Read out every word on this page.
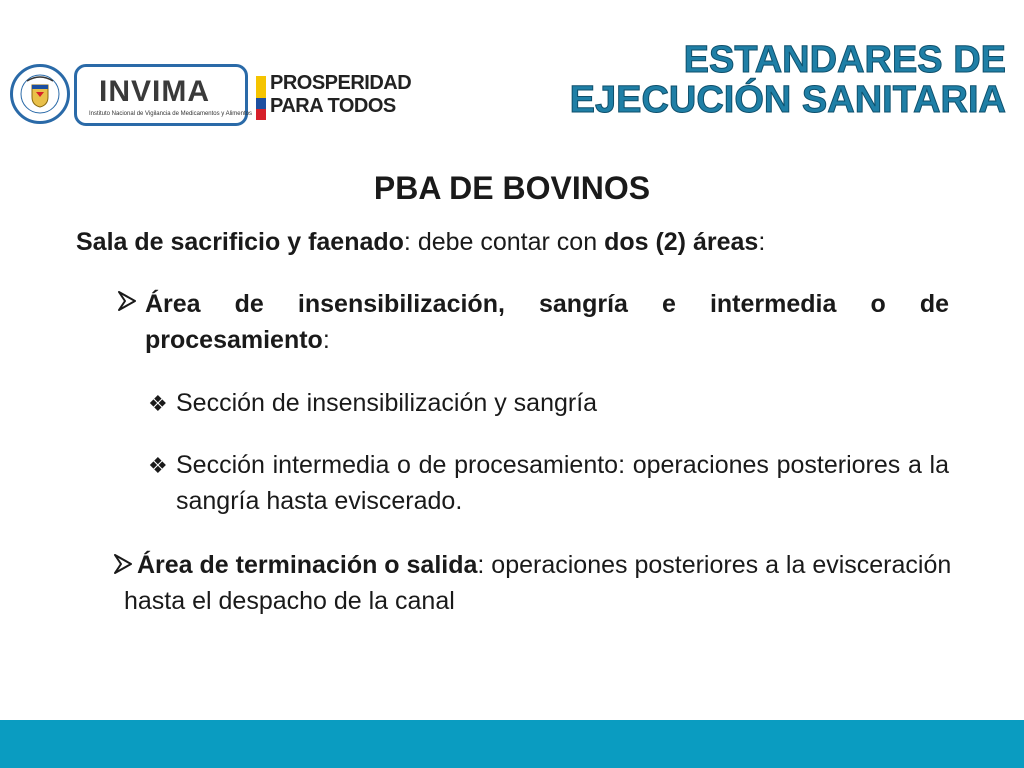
INVIMA
Instituto Nacional de Vigilancia de Medicamentos y Alimentos
PROSPERIDAD
PARA TODOS
ESTANDARES DE
EJECUCIÓN SANITARIA
PBA DE BOVINOS
Sala de sacrificio y faenado: debe contar con dos (2) áreas:
Área de insensibilización, sangría e intermedia o de procesamiento:
❖ Sección de insensibilización y sangría
❖ Sección intermedia o de procesamiento: operaciones posteriores a la sangría hasta eviscerado.
Área de terminación o salida: operaciones posteriores a la evisceración hasta el despacho de la canal
